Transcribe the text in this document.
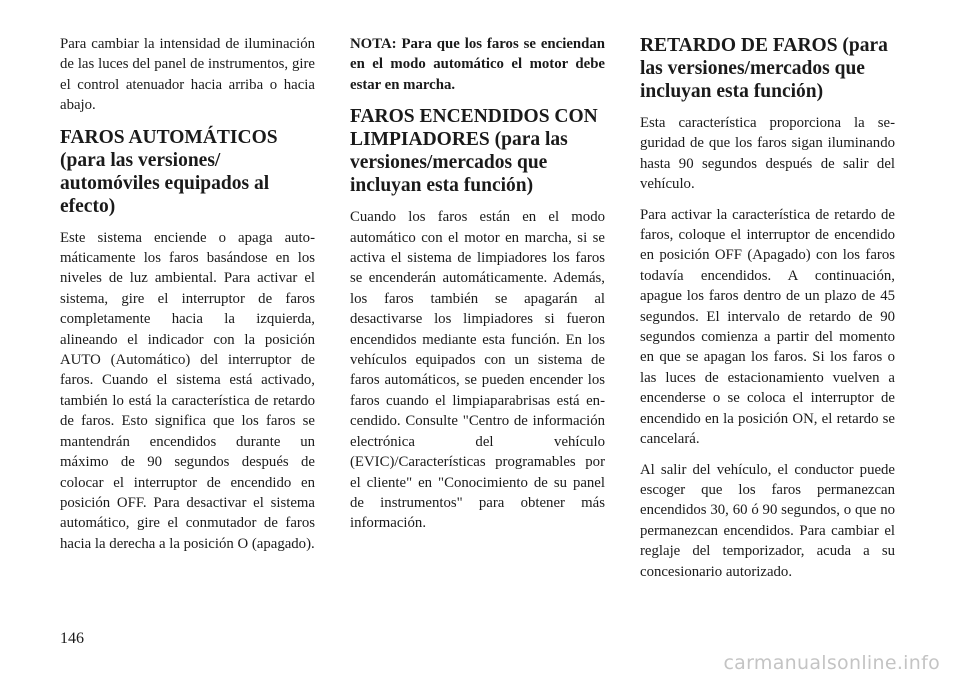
Para cambiar la intensidad de iluminación de las luces del panel de instrumentos, gire el control atenuador hacia arriba o hacia abajo.

FAROS AUTOMÁTICOS (para las versiones/ automóviles equipados al efecto)

Este sistema enciende o apaga automáticamente los faros basándose en los niveles de luz ambiental. Para activar el sistema, gire el interruptor de faros completamente hacia la izquierda, alineando el indicador con la posición AUTO (Automático) del interruptor de faros. Cuando el sistema está activado, también lo está la característica de retardo de faros. Esto significa que los faros se mantendrán encendidos durante un máximo de 90 segundos después de colocar el interruptor de encendido en posición OFF. Para desactivar el sistema automático, gire el conmutador de faros hacia la derecha a la posición O (apagado).

NOTA: Para que los faros se enciendan en el modo automático el motor debe estar en marcha.

FAROS ENCENDIDOS CON LIMPIADORES (para las versiones/mercados que incluyan esta función)

Cuando los faros están en el modo automático con el motor en marcha, si se activa el sistema de limpiadores los faros se encenderán automáticamente. Además, los faros también se apagarán al desactivarse los limpiadores si fueron encendidos mediante esta función. En los vehículos equipados con un sistema de faros automáticos, se pueden encender los faros cuando el limpiaparabrisas está encendido. Consulte "Centro de información electrónica del vehículo (EVIC)/Características programables por el cliente" en "Conocimiento de su panel de instrumentos" para obtener más información.

RETARDO DE FAROS (para las versiones/mercados que incluyan esta función)

Esta característica proporciona la seguridad de que los faros sigan iluminando hasta 90 segundos después de salir del vehículo.

Para activar la característica de retardo de faros, coloque el interruptor de encendido en posición OFF (Apagado) con los faros todavía encendidos. A continuación, apague los faros dentro de un plazo de 45 segundos. El intervalo de retardo de 90 segundos comienza a partir del momento en que se apagan los faros. Si los faros o las luces de estacionamiento vuelven a encenderse o se coloca el interruptor de encendido en la posición ON, el retardo se cancelará.

Al salir del vehículo, el conductor puede escoger que los faros permanezcan encendidos 30, 60 ó 90 segundos, o que no permanezcan encendidos. Para cambiar el reglaje del temporizador, acuda a su concesionario autorizado.

146
carmanualsonline.info
